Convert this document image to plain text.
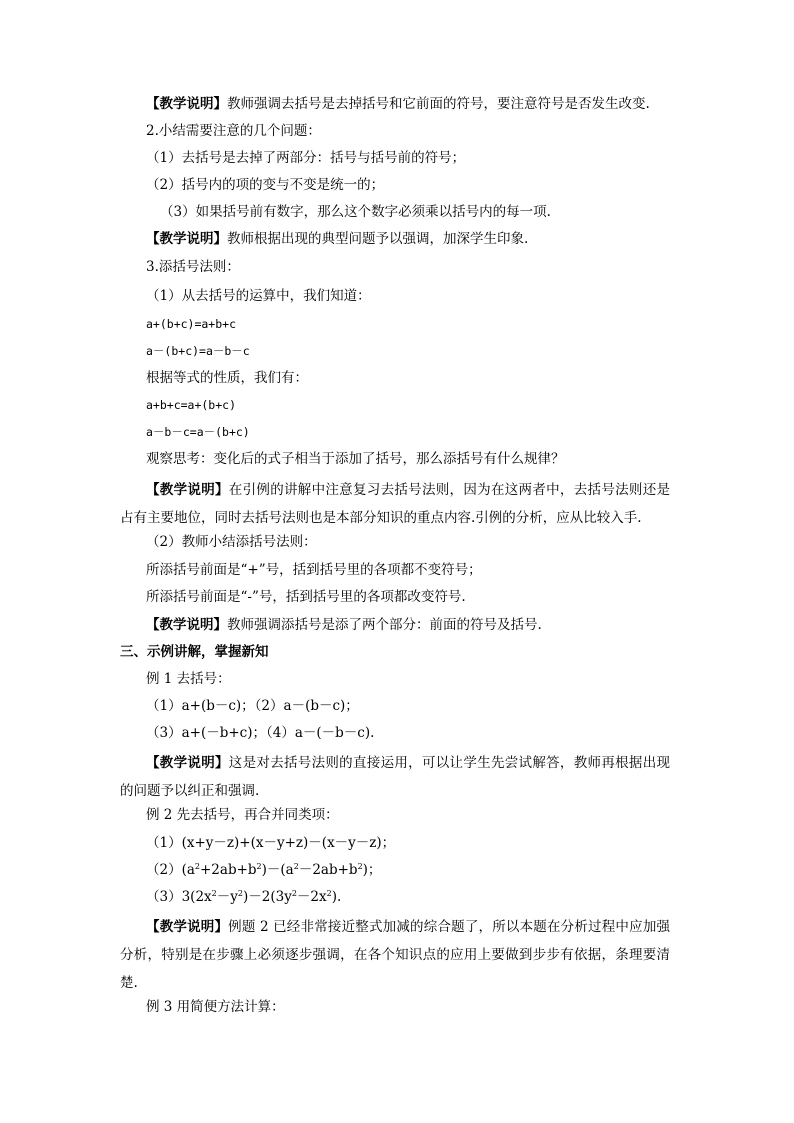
【教学说明】教师强调去括号是去掉括号和它前面的符号，要注意符号是否发生改变.
2.小结需要注意的几个问题：
（1）去括号是去掉了两部分：括号与括号前的符号；
（2）括号内的项的变与不变是统一的；
（3）如果括号前有数字，那么这个数字必须乘以括号内的每一项.
【教学说明】教师根据出现的典型问题予以强调，加深学生印象.
3.添括号法则：
（1）从去括号的运算中，我们知道：
a+(b+c)=a+b+c
a－(b+c)=a－b－c
根据等式的性质，我们有：
a+b+c=a+(b+c)
a－b－c=a－(b+c)
观察思考：变化后的式子相当于添加了括号，那么添括号有什么规律？
【教学说明】在引例的讲解中注意复习去括号法则，因为在这两者中，去括号法则还是占有主要地位，同时去括号法则也是本部分知识的重点内容.引例的分析，应从比较入手.
（2）教师小结添括号法则：
所添括号前面是“+”号，括到括号里的各项都不变符号；
所添括号前面是“-”号，括到括号里的各项都改变符号.
【教学说明】教师强调添括号是添了两个部分：前面的符号及括号.
三、示例讲解，掌握新知
例 1 去括号：
（1）a+(b－c)；（2）a－(b－c)；
（3）a+(－b+c)；（4）a－(－b－c).
【教学说明】这是对去括号法则的直接运用，可以让学生先尝试解答，教师再根据出现的问题予以纠正和强调.
例 2 先去括号，再合并同类项：
（1）(x+y－z)+(x－y+z)－(x－y－z)；
$(2)(a^2+2ab+b^2)-(a^2-2ab+b^2)$；
$(3)3(2x^2-y^2)-2(3y^2-2x^2)$.
【教学说明】例题 2 已经非常接近整式加减的综合题了，所以本题在分析过程中应加强分析，特别是在步骤上必须逐步强调，在各个知识点的应用上要做到步步有依据，条理要清楚.
例 3 用简便方法计算：
